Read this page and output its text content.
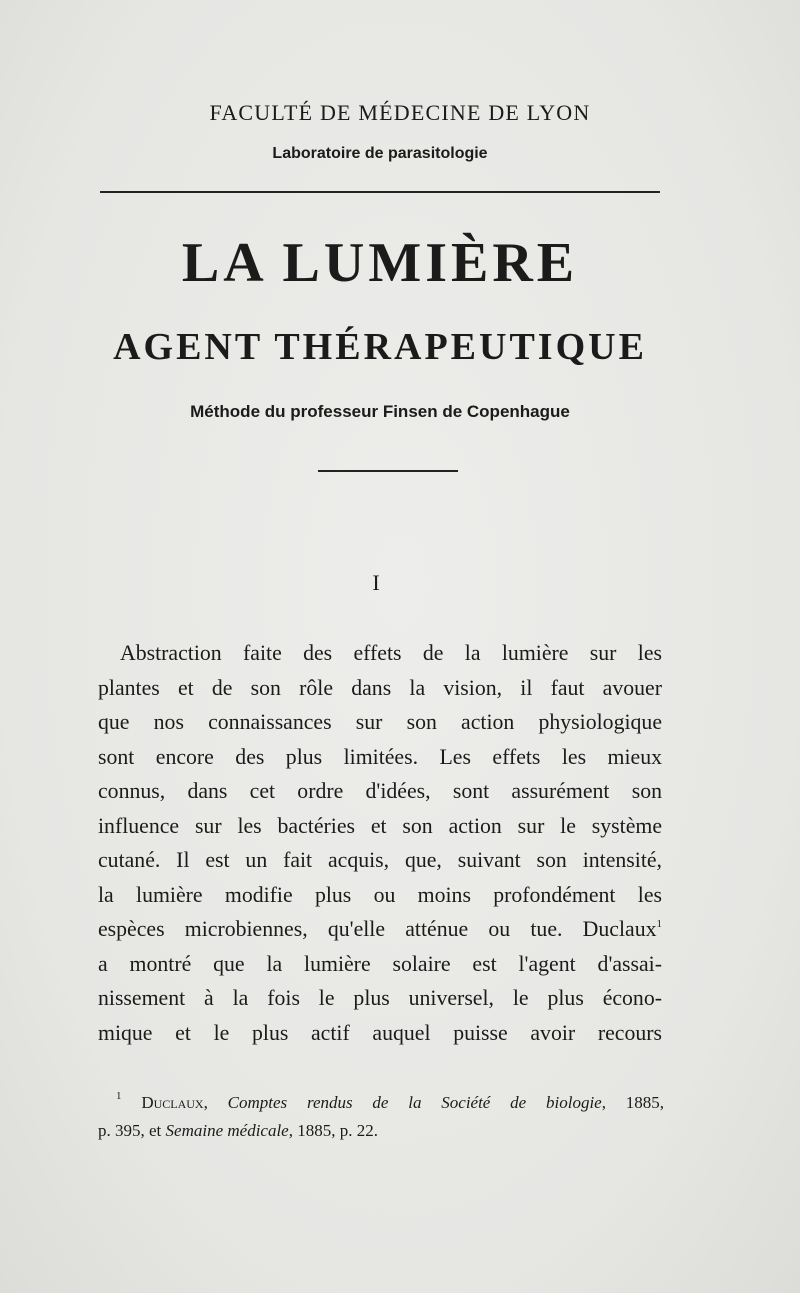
FACULTÉ DE MÉDECINE DE LYON
Laboratoire de parasitologie
LA LUMIÈRE
AGENT THÉRAPEUTIQUE
Méthode du professeur Finsen de Copenhague
I
Abstraction faite des effets de la lumière sur les
plantes et de son rôle dans la vision, il faut avouer
que nos connaissances sur son action physiologique
sont encore des plus limitées. Les effets les mieux
connus, dans cet ordre d'idées, sont assurément son
influence sur les bactéries et son action sur le système
cutané. Il est un fait acquis, que, suivant son intensité,
la lumière modifie plus ou moins profondément les
espèces microbiennes, qu'elle atténue ou tue. Duclaux$^1$
a montré que la lumière solaire est l'agent d'assai-
nissement à la fois le plus universel, le plus écono-
mique et le plus actif auquel puisse avoir recours
$^1$ Duclaux, Comptes rendus de la Société de biologie, 1885,
p. 395, et Semaine médicale, 1885, p. 22.
